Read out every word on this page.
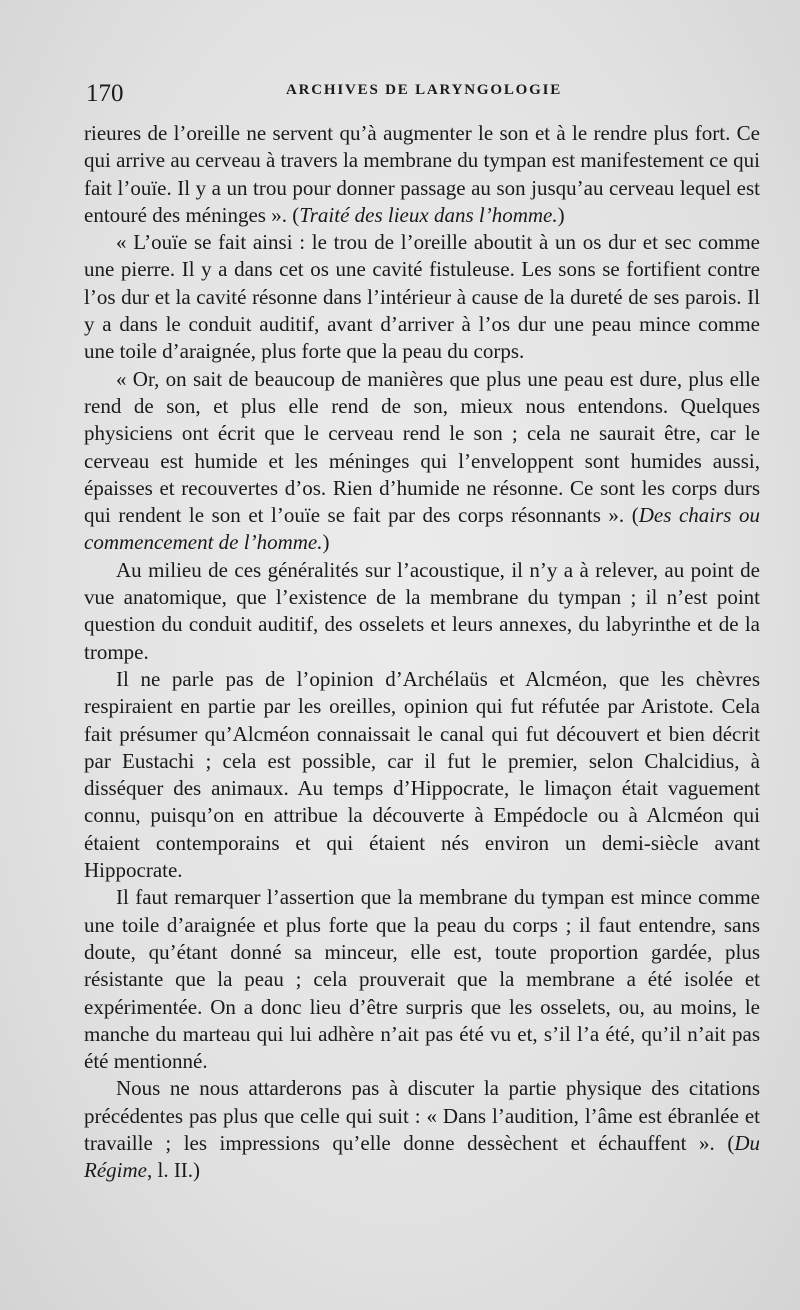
170	ARCHIVES DE LARYNGOLOGIE

rieures de l’oreille ne servent qu’à augmenter le son et à le rendre plus fort. Ce qui arrive au cerveau à travers la membrane du tympan est manifestement ce qui fait l’ouïe. Il y a un trou pour donner passage au son jusqu’au cerveau lequel est entouré des méninges ». (Traité des lieux dans l’homme.)

« L’ouïe se fait ainsi : le trou de l’oreille aboutit à un os dur et sec comme une pierre. Il y a dans cet os une cavité fistuleuse. Les sons se fortifient contre l’os dur et la cavité résonne dans l’intérieur à cause de la dureté de ses parois. Il y a dans le conduit auditif, avant d’arriver à l’os dur une peau mince comme une toile d’araignée, plus forte que la peau du corps.

« Or, on sait de beaucoup de manières que plus une peau est dure, plus elle rend de son, et plus elle rend de son, mieux nous entendons. Quelques physiciens ont écrit que le cerveau rend le son ; cela ne saurait être, car le cerveau est humide et les méninges qui l’enveloppent sont humides aussi, épaisses et recouvertes d’os. Rien d’humide ne résonne. Ce sont les corps durs qui rendent le son et l’ouïe se fait par des corps résonnants ». (Des chairs ou commencement de l’homme.)

Au milieu de ces généralités sur l’acoustique, il n’y a à relever, au point de vue anatomique, que l’existence de la membrane du tympan ; il n’est point question du conduit auditif, des osselets et leurs annexes, du labyrinthe et de la trompe.

Il ne parle pas de l’opinion d’Archélaüs et Alcméon, que les chèvres respiraient en partie par les oreilles, opinion qui fut réfutée par Aristote. Cela fait présumer qu’Alcméon connaissait le canal qui fut découvert et bien décrit par Eustachi ; cela est possible, car il fut le premier, selon Chalcidius, à disséquer des animaux. Au temps d’Hippocrate, le limaçon était vaguement connu, puisqu’on en attribue la découverte à Empédocle ou à Alcméon qui étaient contemporains et qui étaient nés environ un demi-siècle avant Hippocrate.

Il faut remarquer l’assertion que la membrane du tympan est mince comme une toile d’araignée et plus forte que la peau du corps ; il faut entendre, sans doute, qu’étant donné sa minceur, elle est, toute proportion gardée, plus résistante que la peau ; cela prouverait que la membrane a été isolée et expérimentée. On a donc lieu d’être surpris que les osselets, ou, au moins, le manche du marteau qui lui adhère n’ait pas été vu et, s’il l’a été, qu’il n’ait pas été mentionné.

Nous ne nous attarderons pas à discuter la partie physique des citations précédentes pas plus que celle qui suit : « Dans l’audition, l’âme est ébranlée et travaille ; les impressions qu’elle donne dessèchent et échauffent ». (Du Régime, l. II.)
